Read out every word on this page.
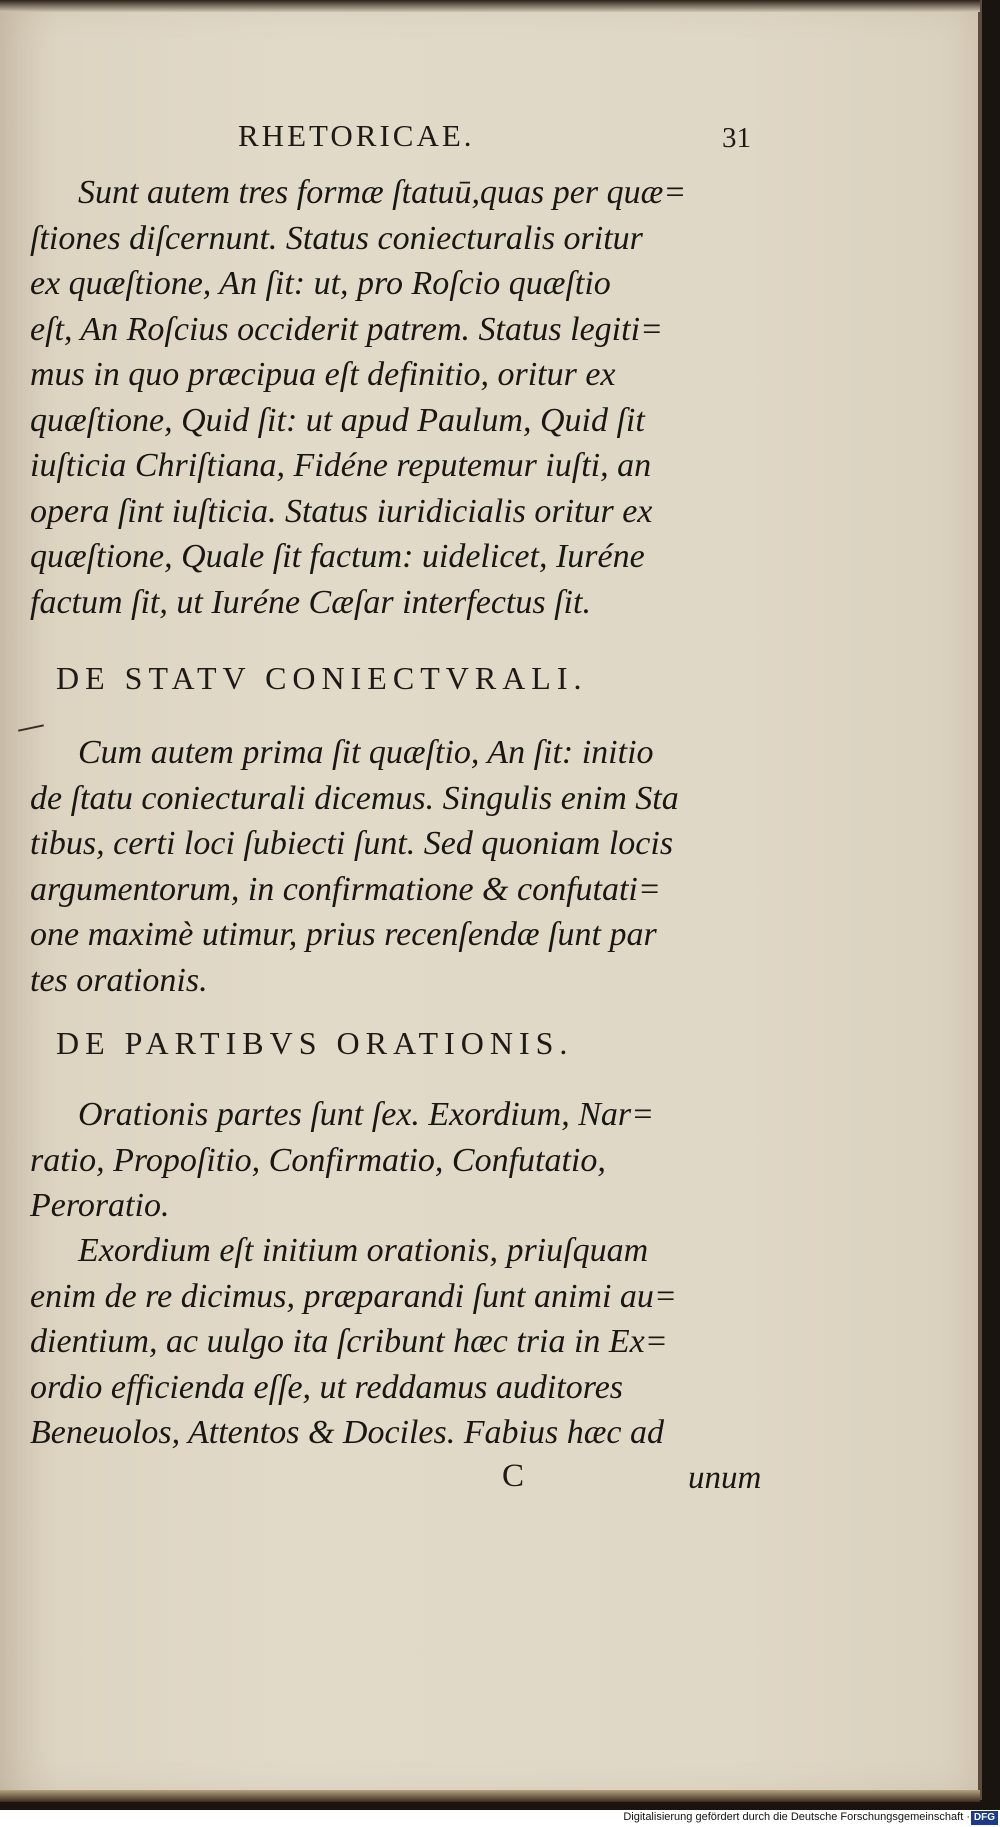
RHETORICAE.	31
Sunt autem tres formæ ſtatuū,quas per quæ=
ſtiones diſcernunt. Status coniecturalis oritur
ex quæſtione, An ſit: ut, pro Roſcio quæſtio
eſt, An Roſcius occiderit patrem. Status legiti=
mus in quo præcipua eſt definitio, oritur ex
quæſtione, Quid ſit: ut apud Paulum, Quid ſit
iuſticia Chriſtiana, Fidéne reputemur iuſti, an
opera ſint iuſticia. Status iuridicialis oritur ex
quæſtione, Quale ſit factum: uidelicet, Iuréne
factum ſit, ut Iuréne Cæſar interfectus ſit.
DE STATV CONIECTVRALI.
Cum autem prima ſit quæſtio, An ſit: initio
de ſtatu coniecturali dicemus. Singulis enim Sta
tibus, certi loci ſubiecti ſunt. Sed quoniam locis
argumentorum, in confirmatione & confutati=
one maximè utimur, prius recenſendæ ſunt par
tes orationis.
DE PARTIBVS ORATIONIS.
Orationis partes ſunt ſex. Exordium, Nar=
ratio, Propoſitio, Confirmatio, Confutatio,
Peroratio.
Exordium eſt initium orationis, priuſquam
enim de re dicimus, præparandi ſunt animi au=
dientium, ac uulgo ita ſcribunt hæc tria in Ex=
ordio efficienda eſſe, ut reddamus auditores
Beneuolos, Attentos & Dociles. Fabius hæc ad
C	unum
Digitalisierung gefördert durch die Deutsche Forschungsgemeinschaft · DFG
